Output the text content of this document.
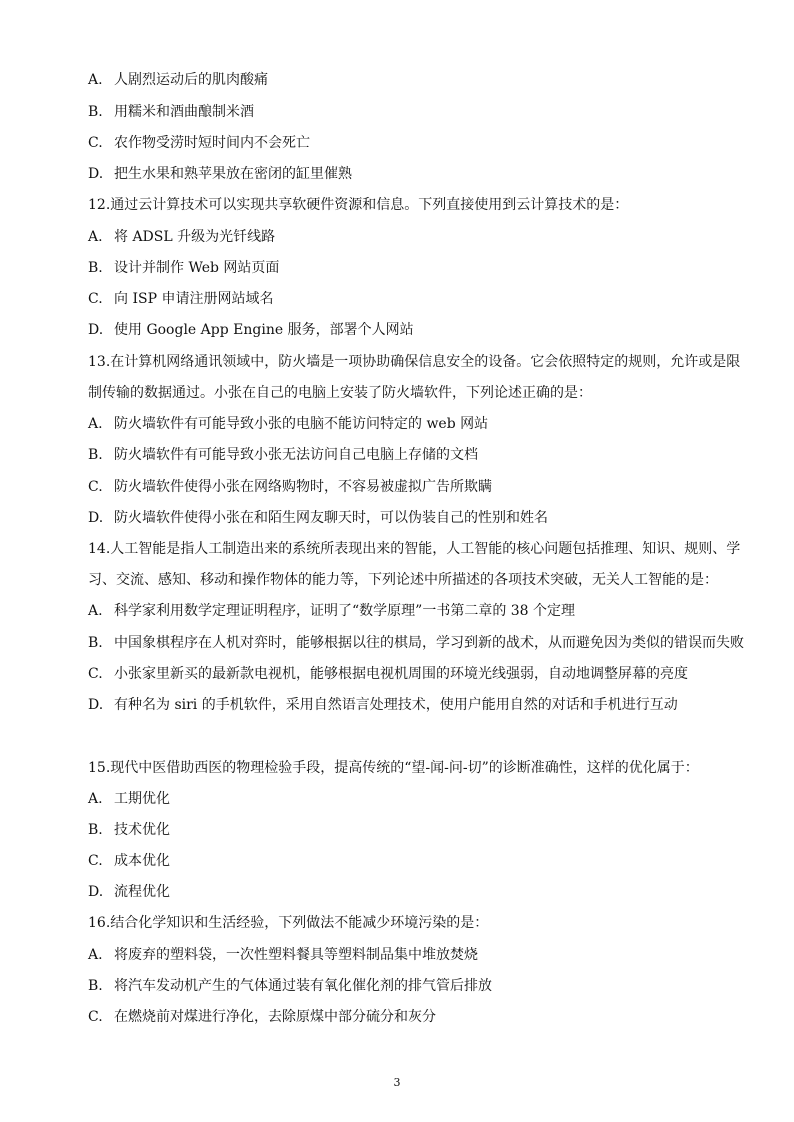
A. 人剧烈运动后的肌肉酸痛
B. 用糯米和酒曲酿制米酒
C. 农作物受涝时短时间内不会死亡
D. 把生水果和熟苹果放在密闭的缸里催熟
12.通过云计算技术可以实现共享软硬件资源和信息。下列直接使用到云计算技术的是：
A. 将 ADSL 升级为光钎线路
B. 设计并制作 Web 网站页面
C. 向 ISP 申请注册网站域名
D. 使用 Google App Engine 服务，部署个人网站
13.在计算机网络通讯领域中，防火墙是一项协助确保信息安全的设备。它会依照特定的规则，允许或是限
制传输的数据通过。小张在自己的电脑上安装了防火墙软件，下列论述正确的是：
A. 防火墙软件有可能导致小张的电脑不能访问特定的 web 网站
B. 防火墙软件有可能导致小张无法访问自己电脑上存储的文档
C. 防火墙软件使得小张在网络购物时，不容易被虚拟广告所欺瞒
D. 防火墙软件使得小张在和陌生网友聊天时，可以伪装自己的性别和姓名
14.人工智能是指人工制造出来的系统所表现出来的智能，人工智能的核心问题包括推理、知识、规则、学
习、交流、感知、移动和操作物体的能力等，下列论述中所描述的各项技术突破，无关人工智能的是：
A. 科学家利用数学定理证明程序，证明了“数学原理”一书第二章的 38 个定理
B. 中国象棋程序在人机对弈时，能够根据以往的棋局，学习到新的战术，从而避免因为类似的错误而失败
C. 小张家里新买的最新款电视机，能够根据电视机周围的环境光线强弱，自动地调整屏幕的亮度
D. 有种名为 siri 的手机软件，采用自然语言处理技术，使用户能用自然的对话和手机进行互动
15.现代中医借助西医的物理检验手段，提高传统的“望-闻-问-切”的诊断准确性，这样的优化属于：
A. 工期优化
B. 技术优化
C. 成本优化
D. 流程优化
16.结合化学知识和生活经验，下列做法不能减少环境污染的是：
A. 将废弃的塑料袋，一次性塑料餐具等塑料制品集中堆放焚烧
B. 将汽车发动机产生的气体通过装有氧化催化剂的排气管后排放
C. 在燃烧前对煤进行净化，去除原煤中部分硫分和灰分
3
